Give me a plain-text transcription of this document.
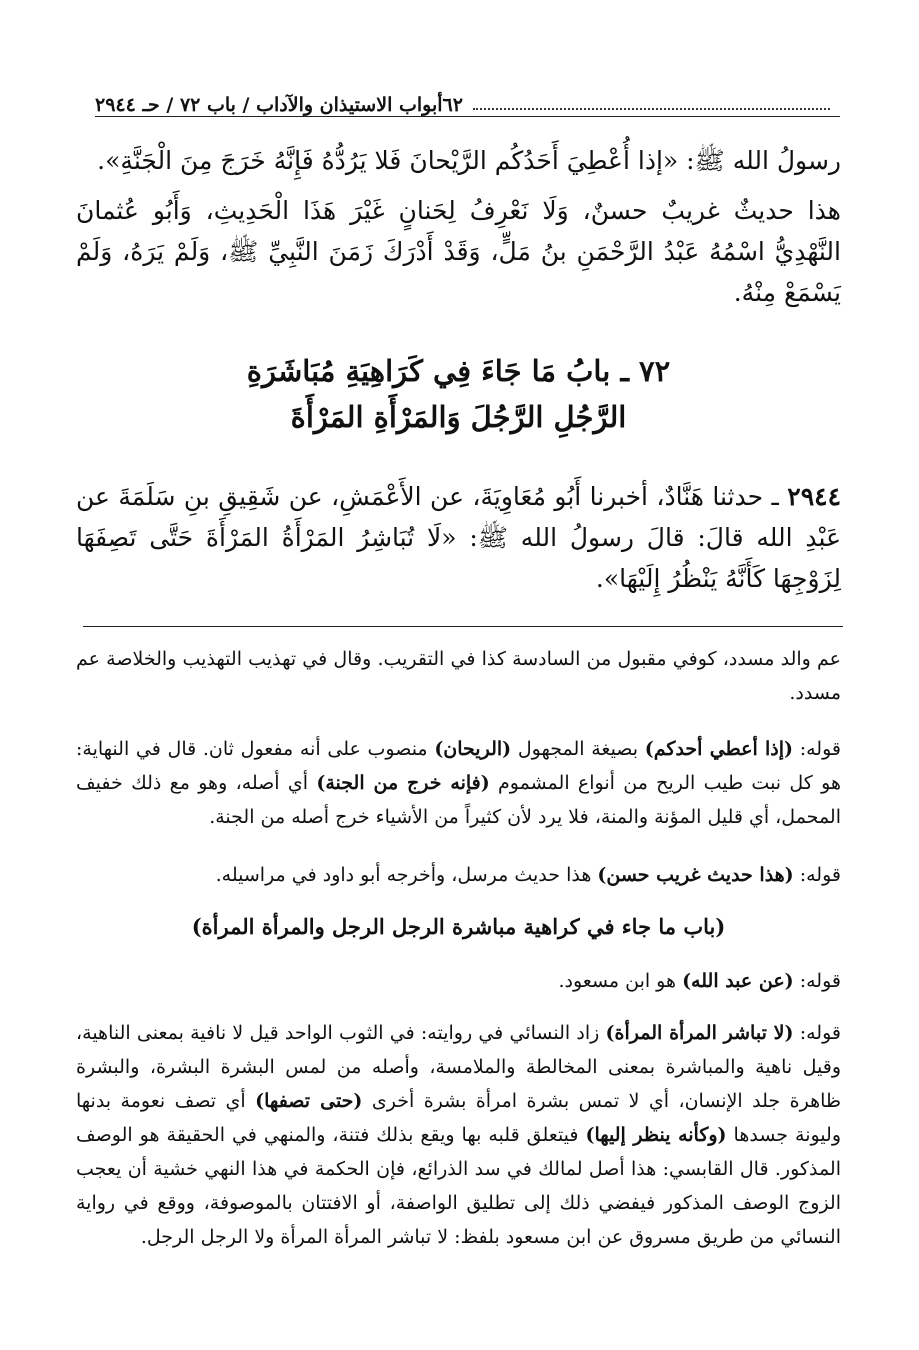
أبواب الاستيذان والآداب / باب ٧٢ / حـ ٢٩٤٤ ٦٢

رسولُ الله ﷺ: «إذا أُعْطِيَ أَحَدُكُم الرَّيْحانَ فَلا يَرُدُّهُ فَإِنَّهُ خَرَجَ مِنَ الْجَنَّةِ».

هذا حديثٌ غريبٌ حسنٌ، وَلَا نَعْرِفُ لِحَنانٍ غَيْرَ هَذَا الْحَدِيثِ، وَأَبُو عُثمانَ النَّهْدِيُّ اسْمُهُ عَبْدُ الرَّحْمَنِ بنُ مَلٍّ، وَقَدْ أَدْرَكَ زَمَنَ النَّبِيِّ ﷺ، وَلَمْ يَرَهُ، وَلَمْ يَسْمَعْ مِنْهُ.

٧٢ ـ بابُ مَا جَاءَ فِي كَرَاهِيَةِ مُبَاشَرَةِ
الرَّجُلِ الرَّجُلَ وَالمَرْأَةِ المَرْأَةَ

٢٩٤٤ ـ حدثنا هَنَّادٌ، أخبرنا أَبُو مُعَاوِيَةَ، عن الأَعْمَشِ، عن شَقِيقِ بنِ سَلَمَةَ عن عَبْدِ الله قالَ: قالَ رسولُ الله ﷺ: «لَا تُبَاشِرُ المَرْأَةُ المَرْأَةَ حَتَّى تَصِفَهَا لِزَوْجِهَا كَأَنَّهُ يَنْظُرُ إِلَيْهَا».

عم والد مسدد، كوفي مقبول من السادسة كذا في التقريب. وقال في تهذيب التهذيب والخلاصة عم مسدد.

قوله: (إذا أعطي أحدكم) بصيغة المجهول (الريحان) منصوب على أنه مفعول ثان. قال في النهاية: هو كل نبت طيب الريح من أنواع المشموم (فإنه خرج من الجنة) أي أصله، وهو مع ذلك خفيف المحمل، أي قليل المؤنة والمنة، فلا يرد لأن كثيراً من الأشياء خرج أصله من الجنة.

قوله: (هذا حديث غريب حسن) هذا حديث مرسل، وأخرجه أبو داود في مراسيله.

(باب ما جاء في كراهية مباشرة الرجل الرجل والمرأة المرأة)

قوله: (عن عبد الله) هو ابن مسعود.

قوله: (لا تباشر المرأة المرأة) زاد النسائي في روايته: في الثوب الواحد قيل لا نافية بمعنى الناهية، وقيل ناهية والمباشرة بمعنى المخالطة والملامسة، وأصله من لمس البشرة البشرة، والبشرة ظاهرة جلد الإنسان، أي لا تمس بشرة امرأة بشرة أخرى (حتى تصفها) أي تصف نعومة بدنها وليونة جسدها (وكأنه ينظر إليها) فيتعلق قلبه بها ويقع بذلك فتنة، والمنهي في الحقيقة هو الوصف المذكور. قال القابسي: هذا أصل لمالك في سد الذرائع، فإن الحكمة في هذا النهي خشية أن يعجب الزوج الوصف المذكور فيفضي ذلك إلى تطليق الواصفة، أو الافتتان بالموصوفة، ووقع في رواية النسائي من طريق مسروق عن ابن مسعود بلفظ: لا تباشر المرأة المرأة ولا الرجل الرجل.
